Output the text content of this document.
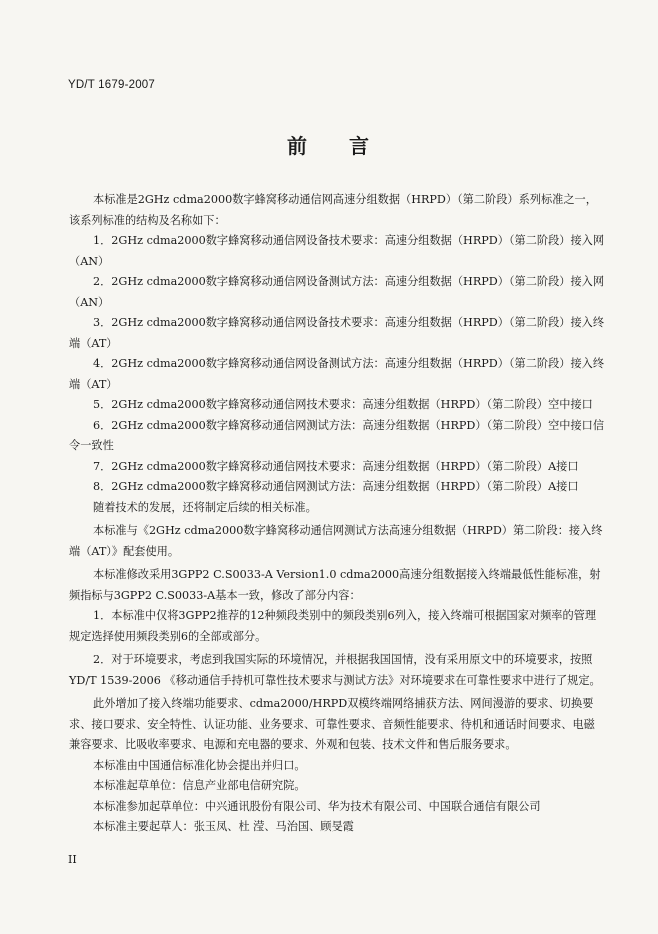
YD/T 1679-2007
前 言

本标准是2GHz cdma2000数字蜂窝移动通信网高速分组数据（HRPD）（第二阶段）系列标准之一，该系列标准的结构及名称如下：

1．2GHz cdma2000数字蜂窝移动通信网设备技术要求：高速分组数据（HRPD）（第二阶段）接入网（AN）

2．2GHz cdma2000数字蜂窝移动通信网设备测试方法：高速分组数据（HRPD）（第二阶段）接入网（AN）

3．2GHz cdma2000数字蜂窝移动通信网设备技术要求：高速分组数据（HRPD）（第二阶段）接入终端（AT）

4．2GHz cdma2000数字蜂窝移动通信网设备测试方法：高速分组数据（HRPD）（第二阶段）接入终端（AT）

5．2GHz cdma2000数字蜂窝移动通信网技术要求：高速分组数据（HRPD）（第二阶段）空中接口

6．2GHz cdma2000数字蜂窝移动通信网测试方法：高速分组数据（HRPD）（第二阶段）空中接口信令一致性

7．2GHz cdma2000数字蜂窝移动通信网技术要求：高速分组数据（HRPD）（第二阶段）A接口

8．2GHz cdma2000数字蜂窝移动通信网测试方法：高速分组数据（HRPD）（第二阶段）A接口

随着技术的发展，还将制定后续的相关标准。

本标准与《2GHz cdma2000数字蜂窝移动通信网测试方法高速分组数据（HRPD）第二阶段：接入终端（AT）》配套使用。

本标准修改采用3GPP2 C.S0033-A Version1.0 cdma2000高速分组数据接入终端最低性能标准，射频指标与3GPP2 C.S0033-A基本一致，修改了部分内容：

1．本标准中仅将3GPP2推荐的12种频段类别中的频段类别6列入，接入终端可根据国家对频率的管理规定选择使用频段类别6的全部或部分。

2．对于环境要求，考虑到我国实际的环境情况，并根据我国国情，没有采用原文中的环境要求，按照YD/T 1539-2006 《移动通信手持机可靠性技术要求与测试方法》对环境要求在可靠性要求中进行了规定。

此外增加了接入终端功能要求、cdma2000/HRPD双模终端网络捕获方法、网间漫游的要求、切换要求、接口要求、安全特性、认证功能、业务要求、可靠性要求、音频性能要求、待机和通话时间要求、电磁兼容要求、比吸收率要求、电源和充电器的要求、外观和包装、技术文件和售后服务要求。

本标准由中国通信标准化协会提出并归口。

本标准起草单位：信息产业部电信研究院。

本标准参加起草单位：中兴通讯股份有限公司、华为技术有限公司、中国联合通信有限公司

本标准主要起草人：张玉凤、杜 滢、马治国、顾旻霞

II
